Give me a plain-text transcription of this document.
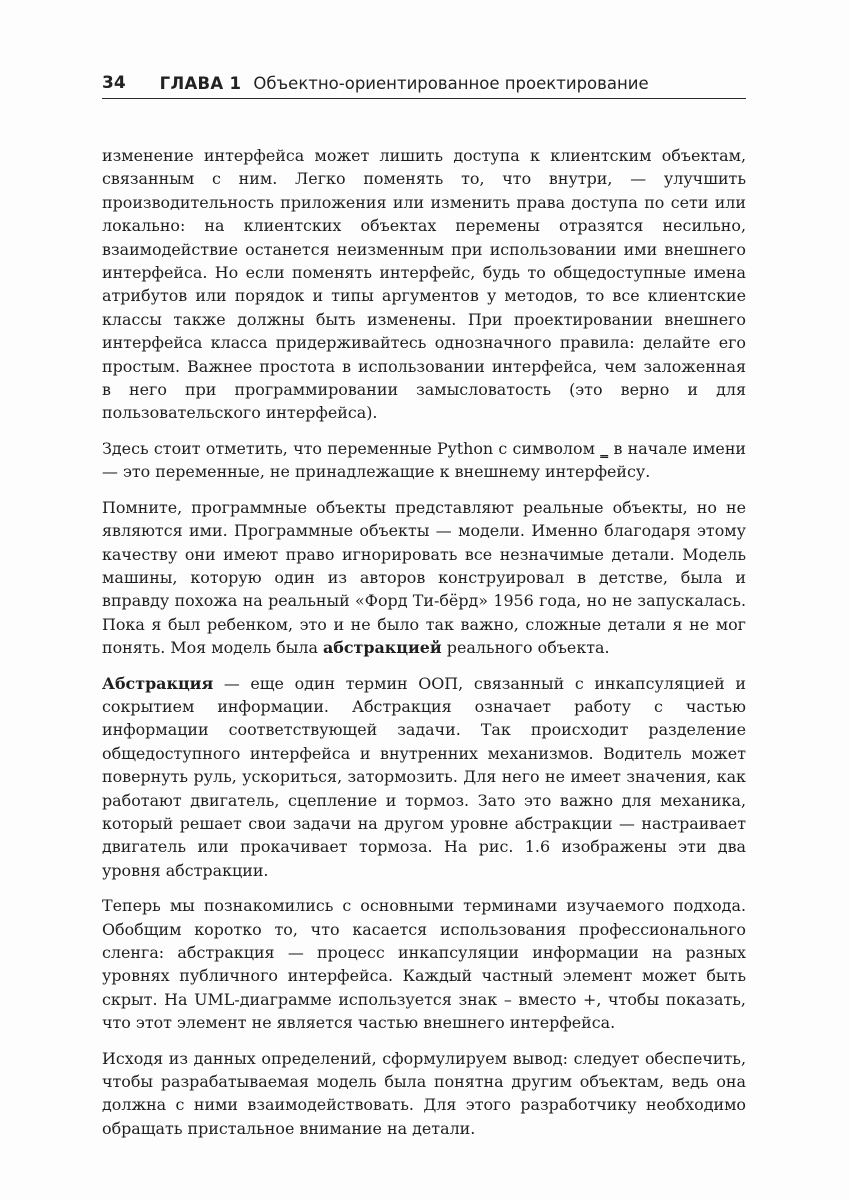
34 ГЛАВА 1 Объектно-ориентированное проектирование

изменение интерфейса может лишить доступа к клиентским объектам, связанным с ним. Легко поменять то, что внутри, — улучшить производительность приложения или изменить права доступа по сети или локально: на клиентских объектах перемены отразятся несильно, взаимодействие останется неизменным при использовании ими внешнего интерфейса. Но если поменять интерфейс, будь то общедоступные имена атрибутов или порядок и типы аргументов у методов, то все клиентские классы также должны быть изменены. При проектировании внешнего интерфейса класса придерживайтесь однозначного правила: делайте его простым. Важнее простота в использовании интерфейса, чем заложенная в него при программировании замысловатость (это верно и для пользовательского интерфейса).

Здесь стоит отметить, что переменные Python с символом _ в начале имени — это переменные, не принадлежащие к внешнему интерфейсу.

Помните, программные объекты представляют реальные объекты, но не являются ими. Программные объекты — модели. Именно благодаря этому качеству они имеют право игнорировать все незначимые детали. Модель машины, которую один из авторов конструировал в детстве, была и вправду похожа на реальный «Форд Ти-бёрд» 1956 года, но не запускалась. Пока я был ребенком, это и не было так важно, сложные детали я не мог понять. Моя модель была абстракцией реального объекта.

Абстракция — еще один термин ООП, связанный с инкапсуляцией и сокрытием информации. Абстракция означает работу с частью информации соответствующей задачи. Так происходит разделение общедоступного интерфейса и внутренних механизмов. Водитель может повернуть руль, ускориться, затормозить. Для него не имеет значения, как работают двигатель, сцепление и тормоз. Зато это важно для механика, который решает свои задачи на другом уровне абстракции — настраивает двигатель или прокачивает тормоза. На рис. 1.6 изображены эти два уровня абстракции.

Теперь мы познакомились с основными терминами изучаемого подхода. Обобщим коротко то, что касается использования профессионального сленга: абстракция — процесс инкапсуляции информации на разных уровнях публичного интерфейса. Каждый частный элемент может быть скрыт. На UML-диаграмме используется знак – вместо +, чтобы показать, что этот элемент не является частью внешнего интерфейса.

Исходя из данных определений, сформулируем вывод: следует обеспечить, чтобы разрабатываемая модель была понятна другим объектам, ведь она должна с ними взаимодействовать. Для этого разработчику необходимо обращать пристальное внимание на детали.
